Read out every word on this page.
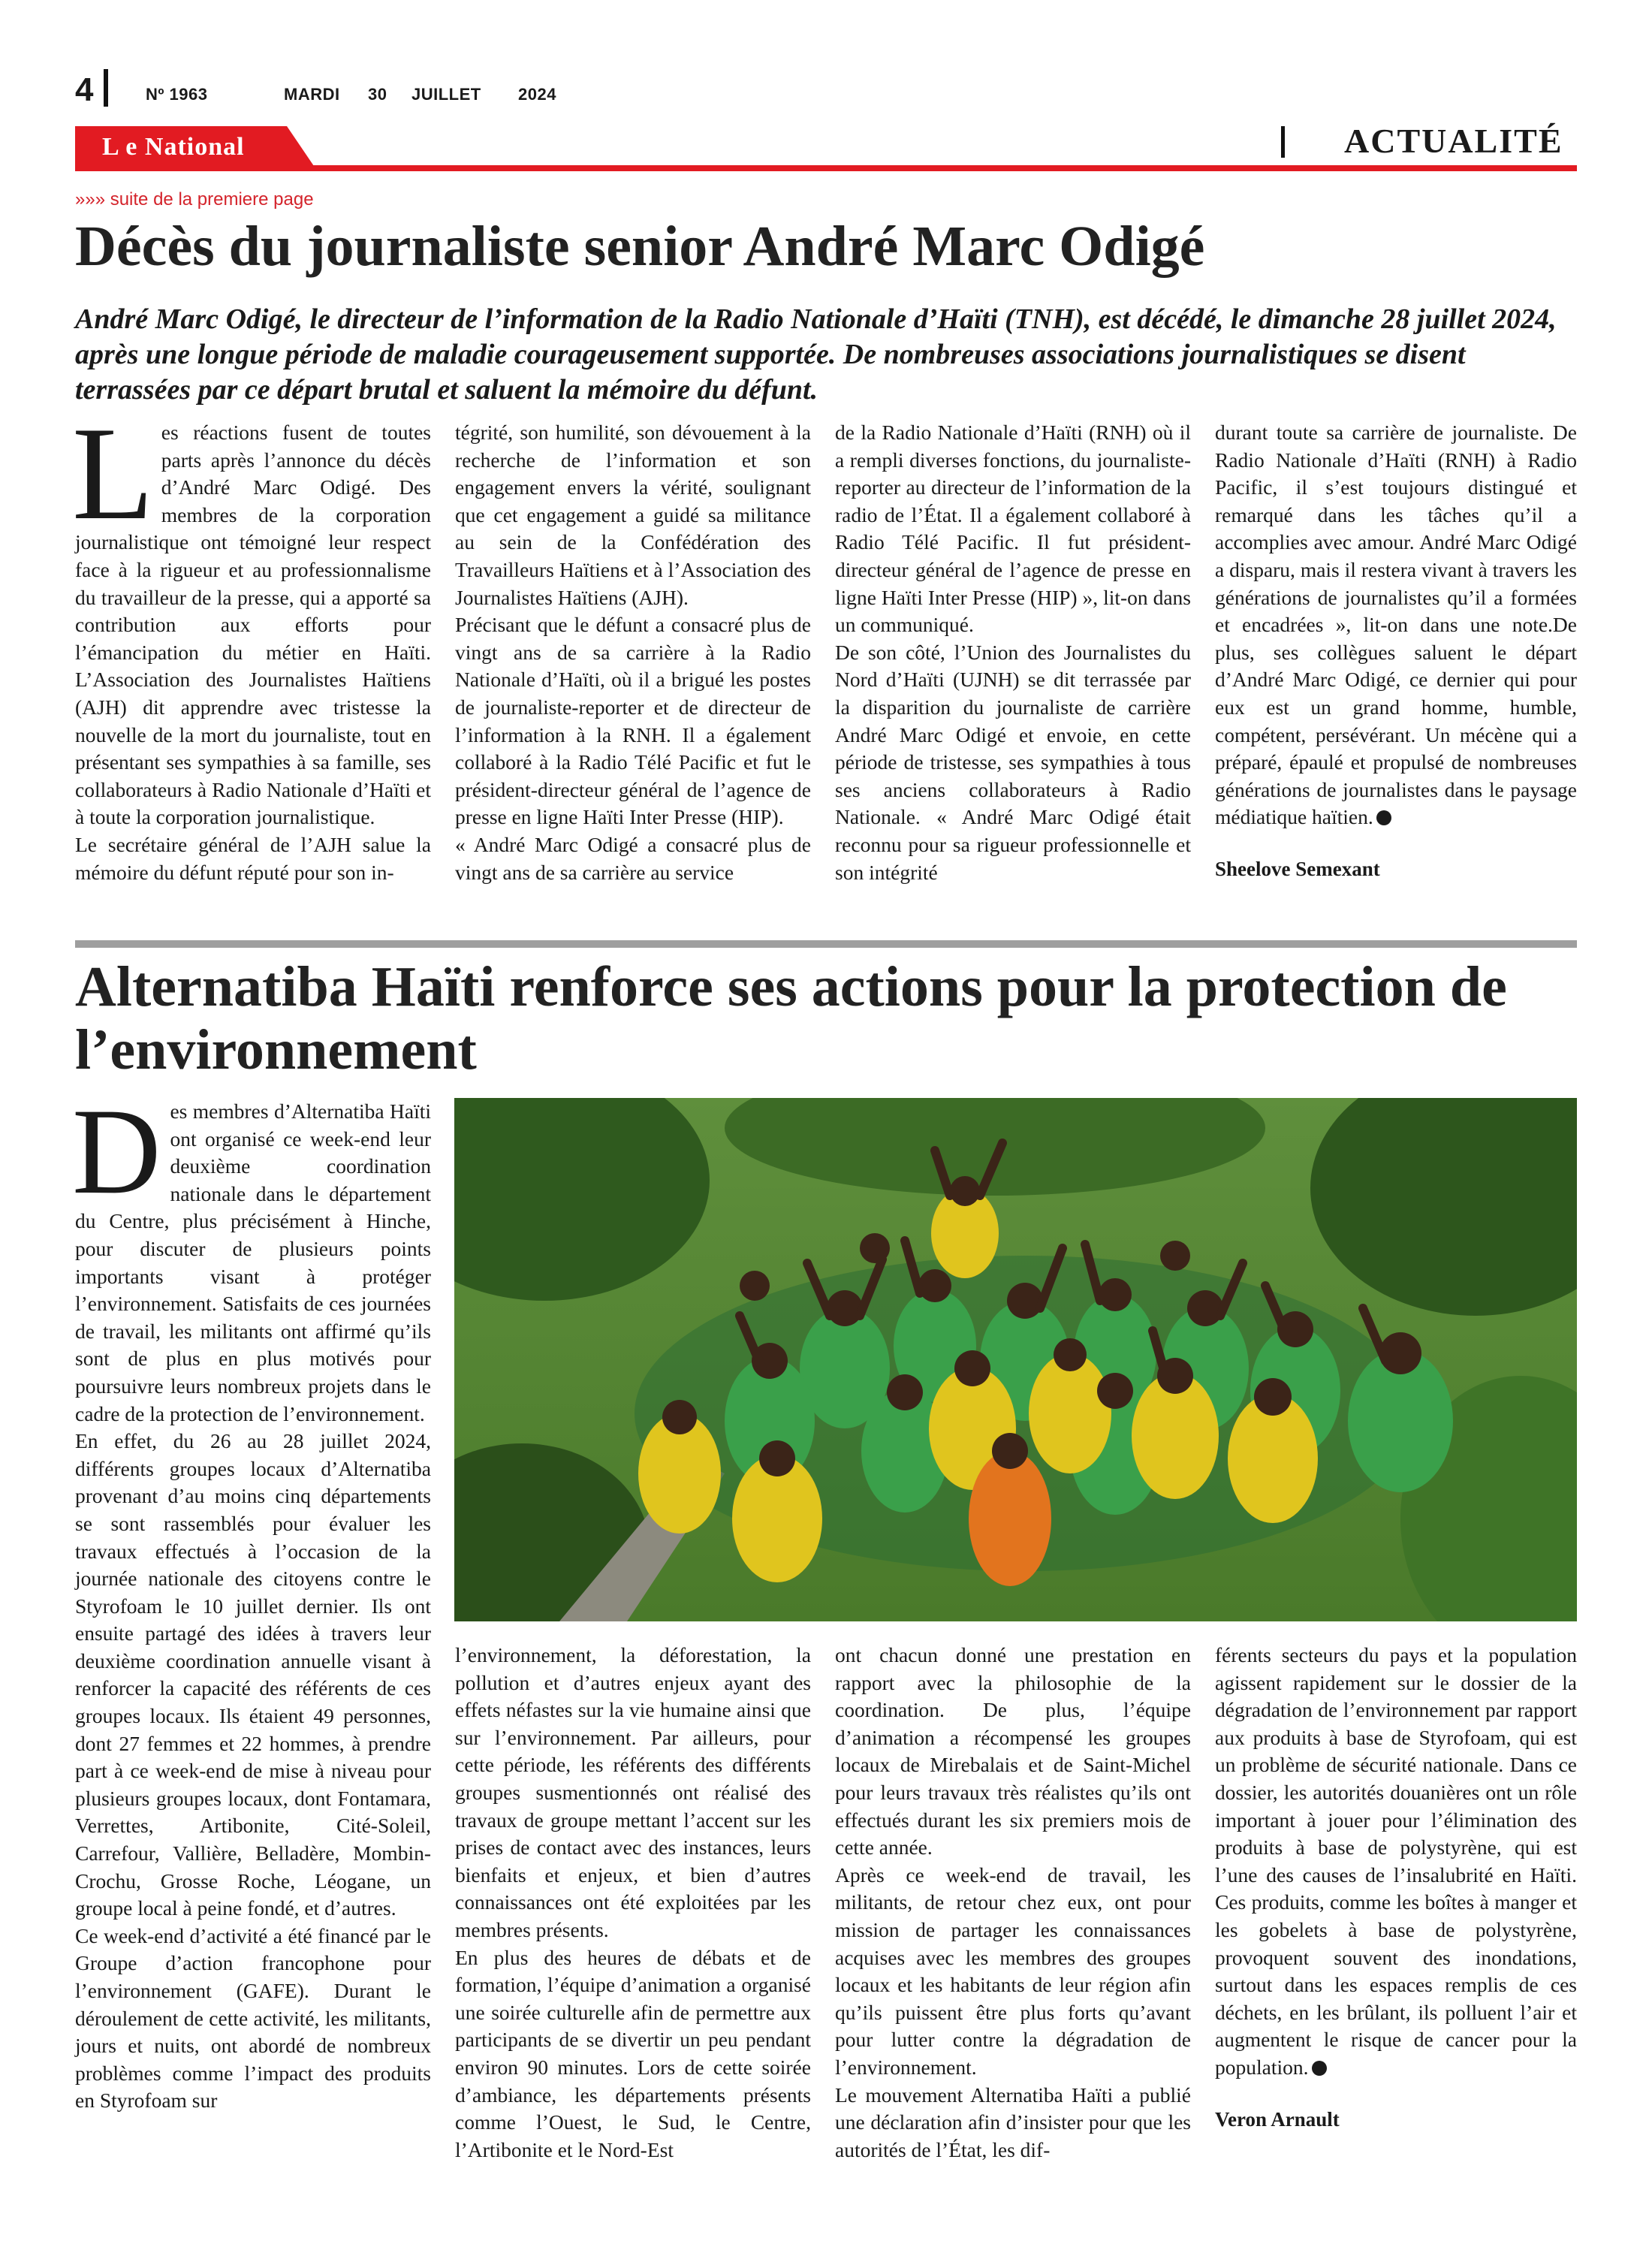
4	Nº 1963	MARDI 30 JUILLET 2024
L e National	ACTUALITÉ
»»» suite de la premiere page
Décès du journaliste senior André Marc Odigé
André Marc Odigé, le directeur de l’information de la Radio Nationale d’Haïti (TNH), est décédé, le dimanche 28 juillet 2024, après une longue période de maladie courageusement supportée. De nombreuses associations journalistiques se disent terrassées par ce départ brutal et saluent la mémoire du défunt.
L es réactions fusent de toutes parts après l’annonce du décès d’André Marc Odigé. Des membres de la corporation journalistique ont témoigné leur respect face à la rigueur et au professionnalisme du travailleur de la presse, qui a apporté sa contribution aux efforts pour l’émancipation du métier en Haïti. L’Association des Journalistes Haïtiens (AJH) dit apprendre avec tristesse la nouvelle de la mort du journaliste, tout en présentant ses sympathies à sa famille, ses collaborateurs à Radio Nationale d’Haïti et à toute la corporation journalistique.

Le secrétaire général de l’AJH salue la mémoire du défunt réputé pour son in-

tégrité, son humilité, son dévouement à la recherche de l’information et son engagement envers la vérité, soulignant que cet engagement a guidé sa militance au sein de la Confédération des Travailleurs Haïtiens et à l’Association des Journalistes Haïtiens (AJH).

Précisant que le défunt a consacré plus de vingt ans de sa carrière à la Radio Nationale d’Haïti, où il a brigué les postes de journaliste-reporter et de directeur de l’information à la RNH. Il a également collaboré à la Radio Télé Pacific et fut le président-directeur général de l’agence de presse en ligne Haïti Inter Presse (HIP).

« André Marc Odigé a consacré plus de vingt ans de sa carrière au service

de la Radio Nationale d’Haïti (RNH) où il a rempli diverses fonctions, du journaliste-reporter au directeur de l’information de la radio de l’État. Il a également collaboré à Radio Télé Pacific. Il fut président-directeur général de l’agence de presse en ligne Haïti Inter Presse (HIP) », lit-on dans un communiqué.

De son côté, l’Union des Journalistes du Nord d’Haïti (UJNH) se dit terrassée par la disparition du journaliste de carrière André Marc Odigé et envoie, en cette période de tristesse, ses sympathies à tous ses anciens collaborateurs à Radio Nationale. « André Marc Odigé était reconnu pour sa rigueur professionnelle et son intégrité

durant toute sa carrière de journaliste. De Radio Nationale d’Haïti (RNH) à Radio Pacific, il s’est toujours distingué et remarqué dans les tâches qu’il a accomplies avec amour. André Marc Odigé a disparu, mais il restera vivant à travers les générations de journalistes qu’il a formées et encadrées », lit-on dans une note.De plus, ses collègues saluent le départ d’André Marc Odigé, ce dernier qui pour eux est un grand homme, humble, compétent, persévérant. Un mécène qui a préparé, épaulé et propulsé de nombreuses générations de journalistes dans le paysage médiatique haïtien.

Sheelove Semexant

Alternatiba Haïti renforce ses actions pour la protection de l’environnement
D es membres d’Alternatiba Haïti ont organisé ce week-end leur deuxième coordination nationale dans le département du Centre, plus précisément à Hinche, pour discuter de plusieurs points importants visant à protéger l’environnement. Satisfaits de ces journées de travail, les militants ont affirmé qu’ils sont de plus en plus motivés pour poursuivre leurs nombreux projets dans le cadre de la protection de l’environnement.

En effet, du 26 au 28 juillet 2024, différents groupes locaux d’Alternatiba provenant d’au moins cinq départements se sont rassemblés pour évaluer les travaux effectués à l’occasion de la journée nationale des citoyens contre le Styrofoam le 10 juillet dernier. Ils ont ensuite partagé des idées à travers leur deuxième coordination annuelle visant à renforcer la capacité des référents de ces groupes locaux. Ils étaient 49 personnes, dont 27 femmes et 22 hommes, à prendre part à ce week-end de mise à niveau pour plusieurs groupes locaux, dont Fontamara, Verrettes, Artibonite, Cité-Soleil, Carrefour, Vallière, Belladère, Mombin-Crochu, Grosse Roche, Léogane, un groupe local à peine fondé, et d’autres.

Ce week-end d’activité a été financé par le Groupe d’action francophone pour l’environnement (GAFE). Durant le déroulement de cette activité, les militants, jours et nuits, ont abordé de nombreux problèmes comme l’impact des produits en Styrofoam sur

l’environnement, la déforestation, la pollution et d’autres enjeux ayant des effets néfastes sur la vie humaine ainsi que sur l’environnement. Par ailleurs, pour cette période, les référents des différents groupes susmentionnés ont réalisé des travaux de groupe mettant l’accent sur les prises de contact avec des instances, leurs bienfaits et enjeux, et bien d’autres connaissances ont été exploitées par les membres présents.

En plus des heures de débats et de formation, l’équipe d’animation a organisé une soirée culturelle afin de permettre aux participants de se divertir un peu pendant environ 90 minutes. Lors de cette soirée d’ambiance, les départements présents comme l’Ouest, le Sud, le Centre, l’Artibonite et le Nord-Est

ont chacun donné une prestation en rapport avec la philosophie de la coordination. De plus, l’équipe d’animation a récompensé les groupes locaux de Mirebalais et de Saint-Michel pour leurs travaux très réalistes qu’ils ont effectués durant les six premiers mois de cette année.

Après ce week-end de travail, les militants, de retour chez eux, ont pour mission de partager les connaissances acquises avec les membres des groupes locaux et les habitants de leur région afin qu’ils puissent être plus forts qu’avant pour lutter contre la dégradation de l’environnement.

Le mouvement Alternatiba Haïti a publié une déclaration afin d’insister pour que les autorités de l’État, les dif-

férents secteurs du pays et la population agissent rapidement sur le dossier de la dégradation de l’environnement par rapport aux produits à base de Styrofoam, qui est un problème de sécurité nationale. Dans ce dossier, les autorités douanières ont un rôle important à jouer pour l’élimination des produits à base de polystyrène, qui est l’une des causes de l’insalubrité en Haïti. Ces produits, comme les boîtes à manger et les gobelets à base de polystyrène, provoquent souvent des inondations, surtout dans les espaces remplis de ces déchets, en les brûlant, ils polluent l’air et augmentent le risque de cancer pour la population.

Veron Arnault
